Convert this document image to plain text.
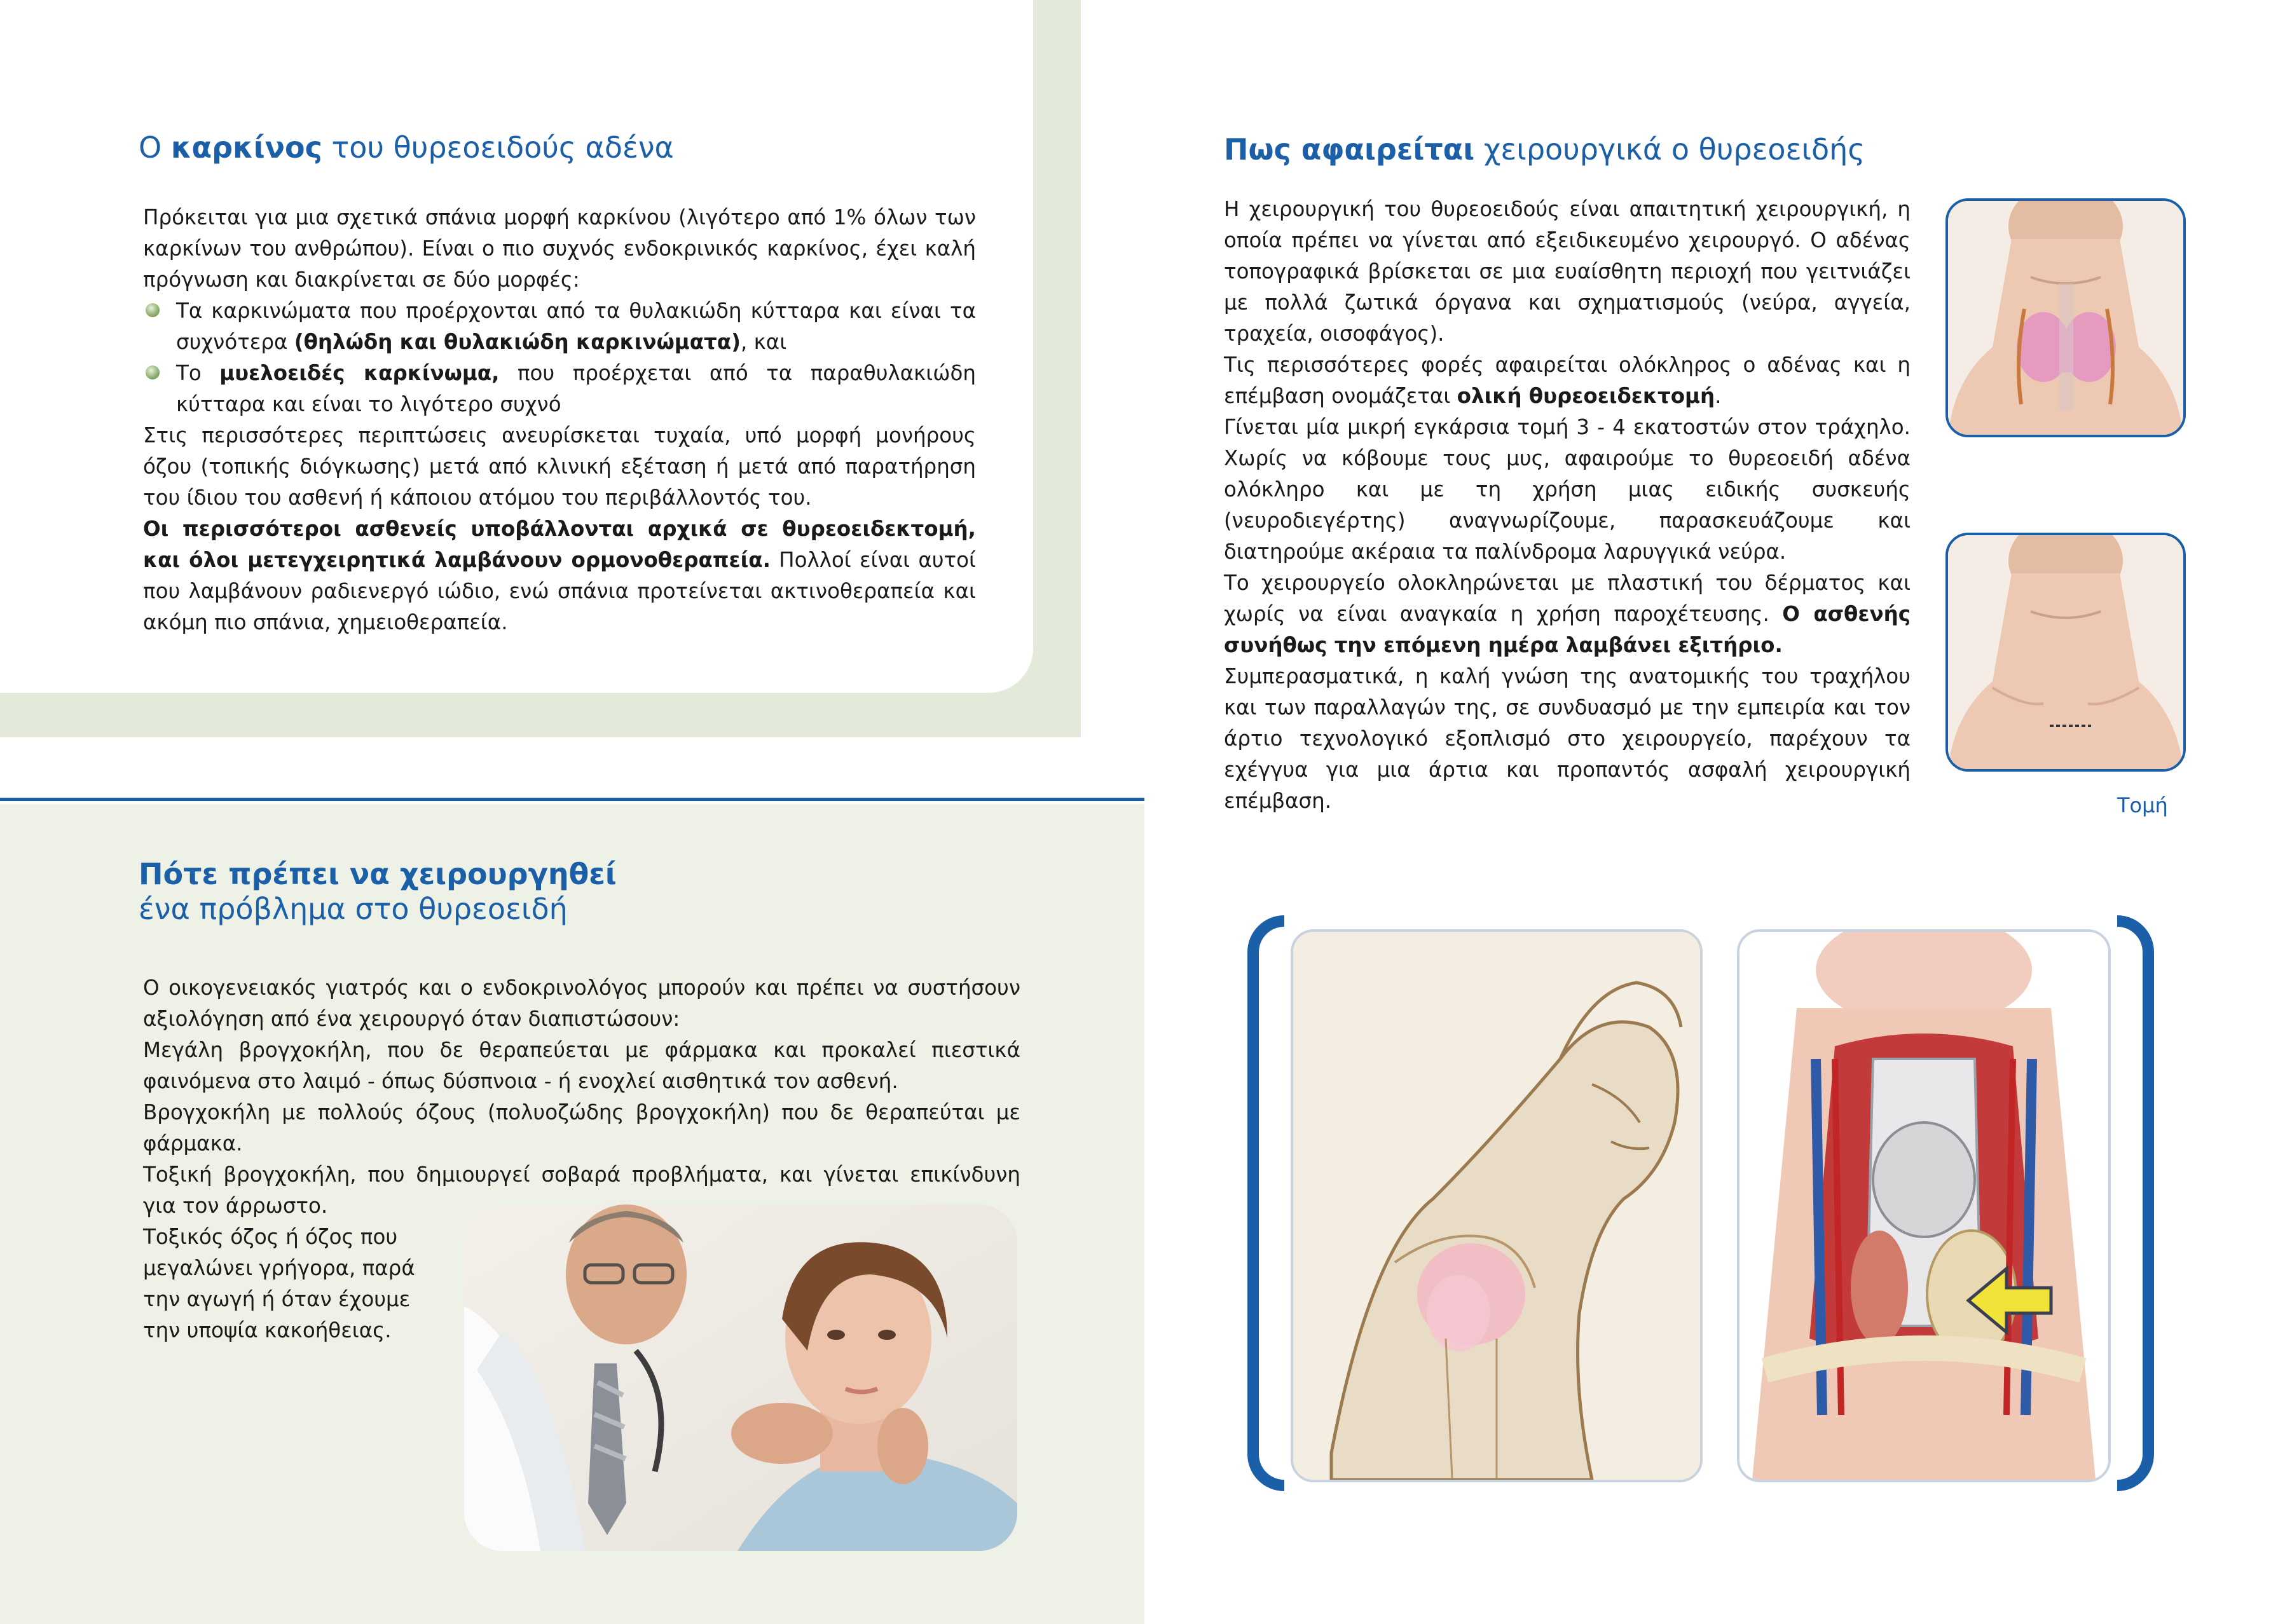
Ο καρκίνος του θυρεοειδούς αδένα

Πρόκειται για μια σχετικά σπάνια μορφή καρκίνου (λιγότερο από 1% όλων των καρκίνων του ανθρώπου). Είναι ο πιο συχνός ενδοκρινικός καρκίνος, έχει καλή πρόγνωση και διακρίνεται σε δύο μορφές:

Τα καρκινώματα που προέρχονται από τα θυλακιώδη κύτταρα και είναι τα συχνότερα (θηλώδη και θυλακιώδη καρκινώματα), και

Το μυελοειδές καρκίνωμα, που προέρχεται από τα παραθυλακιώδη κύτταρα και είναι το λιγότερο συχνό

Στις περισσότερες περιπτώσεις ανευρίσκεται τυχαία, υπό μορφή μονήρους όζου (τοπικής διόγκωσης) μετά από κλινική εξέταση ή μετά από παρατήρηση του ίδιου του ασθενή ή κάποιου ατόμου του περιβάλλοντός του.

Οι περισσότεροι ασθενείς υποβάλλονται αρχικά σε θυρεοειδεκτομή, και όλοι μετεγχειρητικά λαμβάνουν ορμονοθεραπεία. Πολλοί είναι αυτοί που λαμβάνουν ραδιενεργό ιώδιο, ενώ σπάνια προτείνεται ακτινοθεραπεία και ακόμη πιο σπάνια, χημειοθεραπεία.

Πότε πρέπει να χειρουργηθεί
ένα πρόβλημα στο θυρεοειδή

Ο οικογενειακός γιατρός και ο ενδοκρινολόγος μπορούν και πρέπει να συστήσουν αξιολόγηση από ένα χειρουργό όταν διαπιστώσουν:

Μεγάλη βρογχοκήλη, που δε θεραπεύεται με φάρμακα και προκαλεί πιεστικά φαινόμενα στο λαιμό - όπως δύσπνοια - ή ενοχλεί αισθητικά τον ασθενή.

Βρογχοκήλη με πολλούς όζους (πολυοζώδης βρογχοκήλη) που δε θεραπεύται με φάρμακα.

Τοξική βρογχοκήλη, που δημιουργεί σοβαρά προβλήματα, και γίνεται επικίνδυνη για τον άρρωστο.

Τοξικός όζος ή όζος που μεγαλώνει γρήγορα, παρά την αγωγή ή όταν έχουμε την υποψία κακοήθειας.

Πως αφαιρείται χειρουργικά ο θυρεοειδής

Η χειρουργική του θυρεοειδούς είναι απαιτητική χειρουργική, η οποία πρέπει να γίνεται από εξειδικευμένο χειρουργό. Ο αδένας τοπογραφικά βρίσκεται σε μια ευαίσθητη περιοχή που γειτνιάζει με πολλά ζωτικά όργανα και σχηματισμούς (νεύρα, αγγεία, τραχεία, οισοφάγος).

Τις περισσότερες φορές αφαιρείται ολόκληρος ο αδένας και η επέμβαση ονομάζεται ολική θυρεοειδεκτομή.

Γίνεται μία μικρή εγκάρσια τομή 3 - 4 εκατοστών στον τράχηλο. Χωρίς να κόβουμε τους μυς, αφαιρούμε το θυρεοειδή αδένα ολόκληρο και με τη χρήση μιας ειδικής συσκευής (νευροδιεγέρτης) αναγνωρίζουμε, παρασκευάζουμε και διατηρούμε ακέραια τα παλίνδρομα λαρυγγικά νεύρα.

Το χειρουργείο ολοκληρώνεται με πλαστική του δέρματος και χωρίς να είναι αναγκαία η χρήση παροχέτευσης. Ο ασθενής συνήθως την επόμενη ημέρα λαμβάνει εξιτήριο.

Συμπερασματικά, η καλή γνώση της ανατομικής του τραχήλου και των παραλλαγών της, σε συνδυασμό με την εμπειρία και τον άρτιο τεχνολογικό εξοπλισμό στο χειρουργείο, παρέχουν τα εχέγγυα για μια άρτια και προπαντός ασφαλή χειρουργική επέμβαση.	Τομή
